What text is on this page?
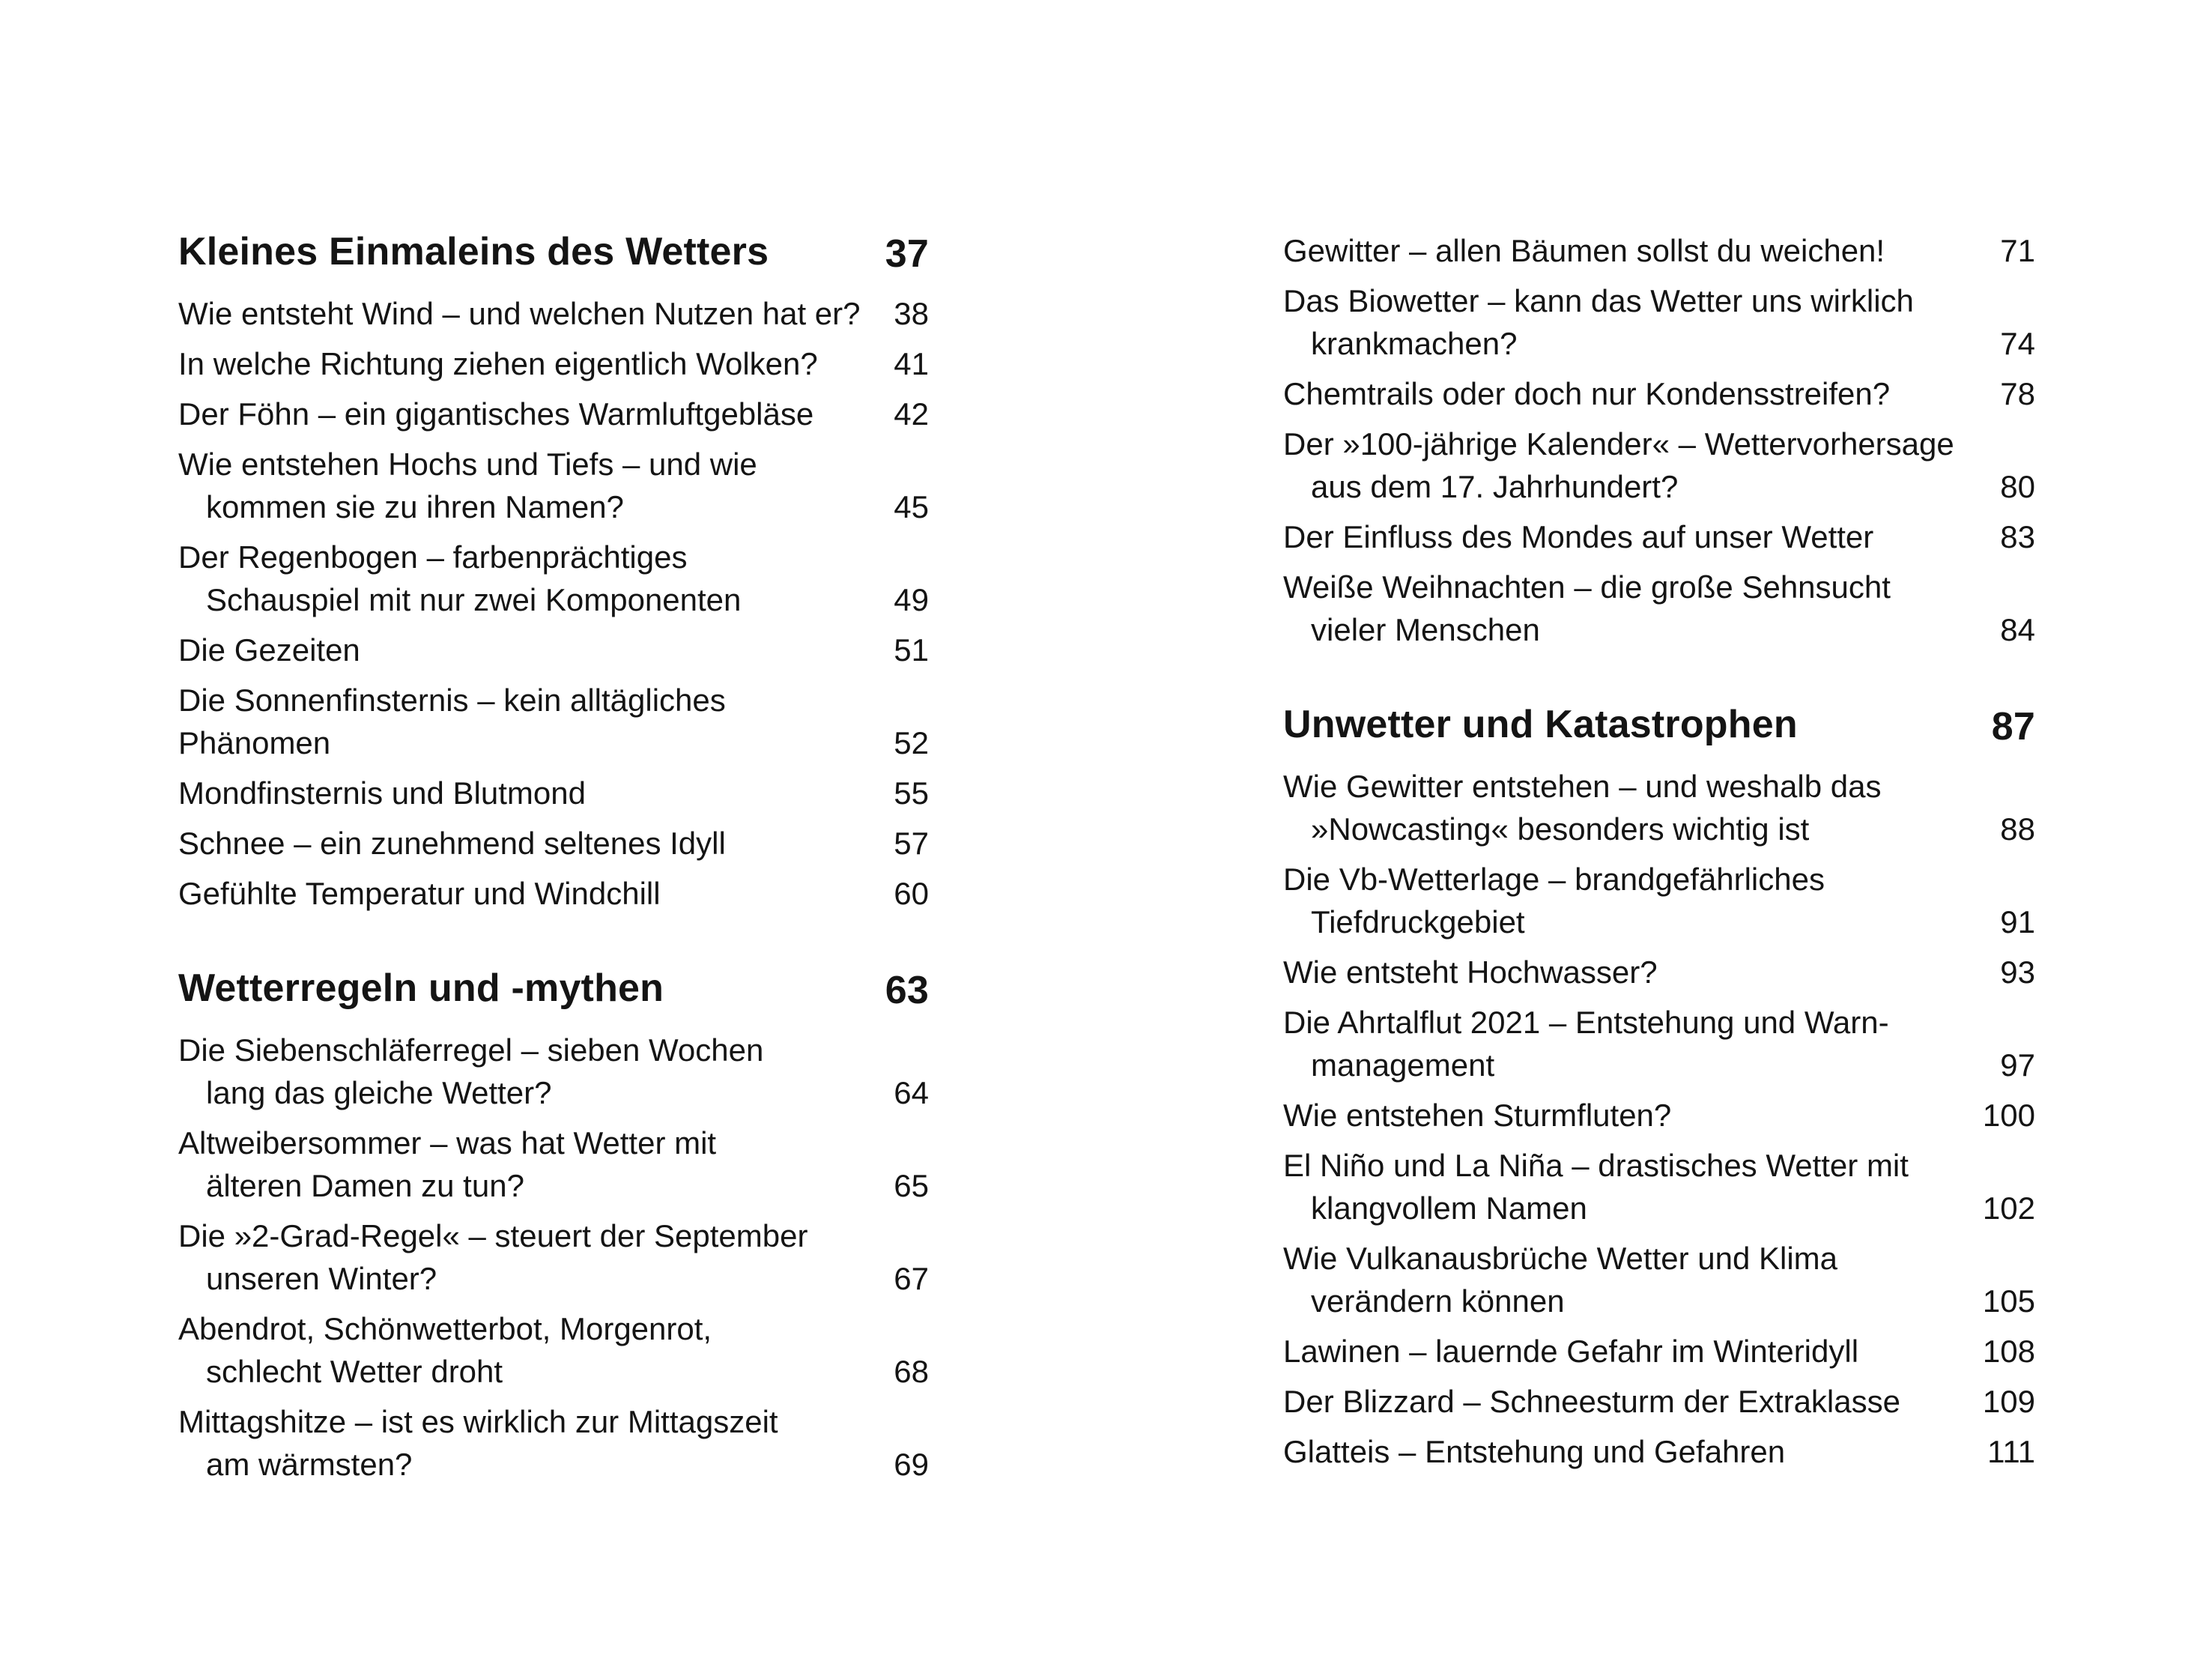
Kleines Einmaleins des Wetters	37
Wie entsteht Wind – und welchen Nutzen hat er?	38
In welche Richtung ziehen eigentlich Wolken?	41
Der Föhn – ein gigantisches Warmluftgebläse	42
Wie entstehen Hochs und Tiefs – und wie
kommen sie zu ihren Namen?	45
Der Regenbogen – farbenprächtiges
Schauspiel mit nur zwei Komponenten	49
Die Gezeiten	51
Die Sonnenfinsternis – kein alltägliches Phänomen	52
Mondfinsternis und Blutmond	55
Schnee – ein zunehmend seltenes Idyll	57
Gefühlte Temperatur und Windchill	60
Wetterregeln und -mythen	63
Die Siebenschläferregel – sieben Wochen
lang das gleiche Wetter?	64
Altweibersommer – was hat Wetter mit
älteren Damen zu tun?	65
Die »2-Grad-Regel« – steuert der September
unseren Winter?	67
Abendrot, Schönwetterbot, Morgenrot,
schlecht Wetter droht	68
Mittagshitze – ist es wirklich zur Mittagszeit
am wärmsten?	69
Gewitter – allen Bäumen sollst du weichen!	71
Das Biowetter – kann das Wetter uns wirklich
krankmachen?	74
Chemtrails oder doch nur Kondensstreifen?	78
Der »100-jährige Kalender« – Wettervorhersage
aus dem 17. Jahrhundert?	80
Der Einfluss des Mondes auf unser Wetter	83
Weiße Weihnachten – die große Sehnsucht
vieler Menschen	84
Unwetter und Katastrophen	87
Wie Gewitter entstehen – und weshalb das
»Nowcasting« besonders wichtig ist	88
Die Vb-Wetterlage – brandgefährliches
Tiefdruckgebiet	91
Wie entsteht Hochwasser?	93
Die Ahrtalflut 2021 – Entstehung und Warn-
management	97
Wie entstehen Sturmfluten?	100
El Niño und La Niña – drastisches Wetter mit
klangvollem Namen	102
Wie Vulkanausbrüche Wetter und Klima
verändern können	105
Lawinen – lauernde Gefahr im Winteridyll	108
Der Blizzard – Schneesturm der Extraklasse	109
Glatteis – Entstehung und Gefahren	111
